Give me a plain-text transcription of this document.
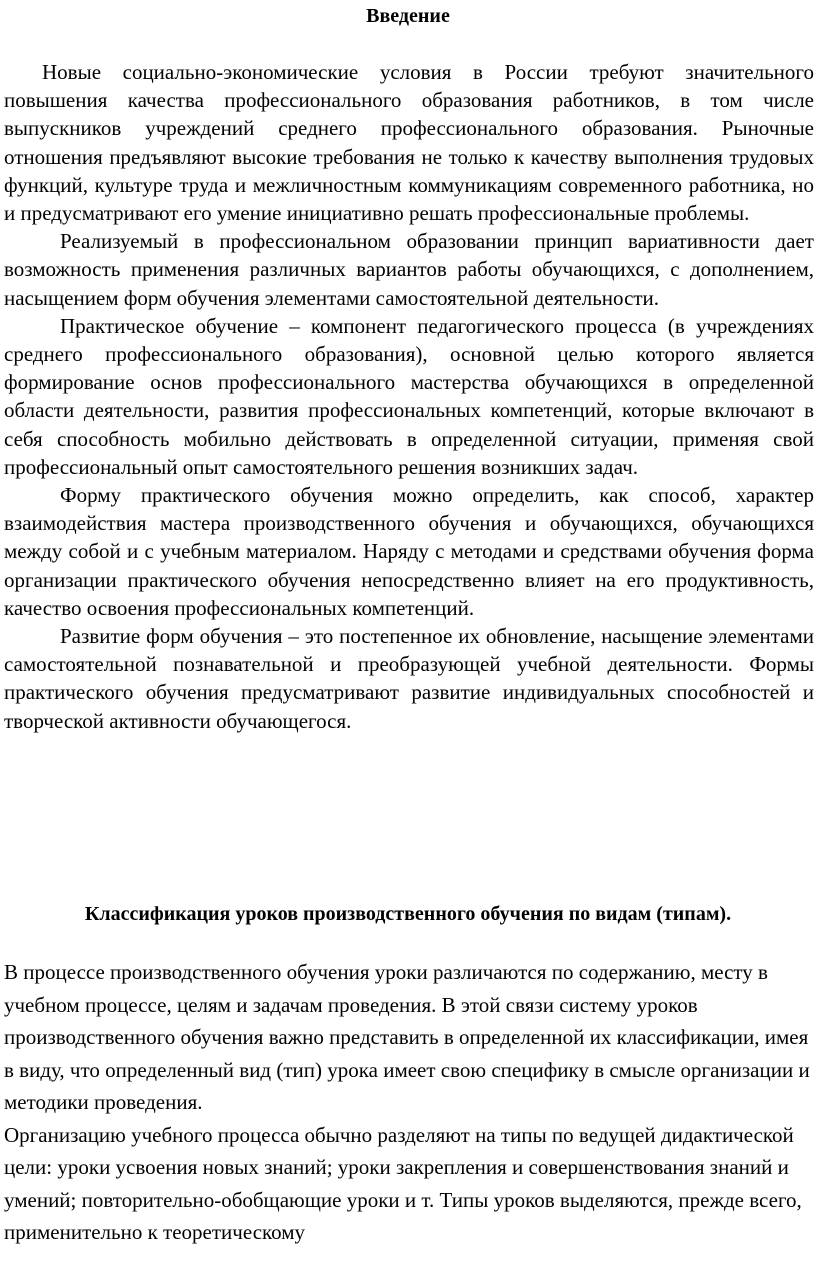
Введение

Новые социально-экономические условия в России требуют значительного повышения качества профессионального образования работников, в том числе выпускников учреждений среднего профессионального образования. Рыночные отношения предъявляют высокие требования не только к качеству выполнения трудовых функций, культуре труда и межличностным коммуникациям современного работника, но и предусматривают его умение инициативно решать профессиональные проблемы.

Реализуемый в профессиональном образовании принцип вариативности дает возможность применения различных вариантов работы обучающихся, с дополнением, насыщением форм обучения элементами самостоятельной деятельности.

Практическое обучение – компонент педагогического процесса (в учреждениях среднего профессионального образования), основной целью которого является формирование основ профессионального мастерства обучающихся в определенной области деятельности, развития профессиональных компетенций, которые включают в себя способность мобильно действовать в определенной ситуации, применяя свой профессиональный опыт самостоятельного решения возникших задач.

Форму практического обучения можно определить, как способ, характер взаимодействия мастера производственного обучения и обучающихся, обучающихся между собой и с учебным материалом. Наряду с методами и средствами обучения форма организации практического обучения непосредственно влияет на его продуктивность, качество освоения профессиональных компетенций.

Развитие форм обучения – это постепенное их обновление, насыщение элементами самостоятельной познавательной и преобразующей учебной деятельности. Формы практического обучения предусматривают развитие индивидуальных способностей и творческой активности обучающегося.

Классификация уроков производственного обучения по видам (типам).

В процессе производственного обучения уроки различаются по содержанию, месту в учебном процессе, целям и задачам проведения. В этой связи систему уроков производственного обучения важно представить в определенной их классификации, имея в виду, что определенный вид (тип) урока имеет свою специфику в смысле организации и методики проведения.

Организацию учебного процесса обычно разделяют на типы по ведущей дидактической цели: уроки усвоения новых знаний; уроки закрепления и совершенствования знаний и умений; повторительно-обобщающие уроки и т. Типы уроков выделяются, прежде всего, применительно к теоретическому
